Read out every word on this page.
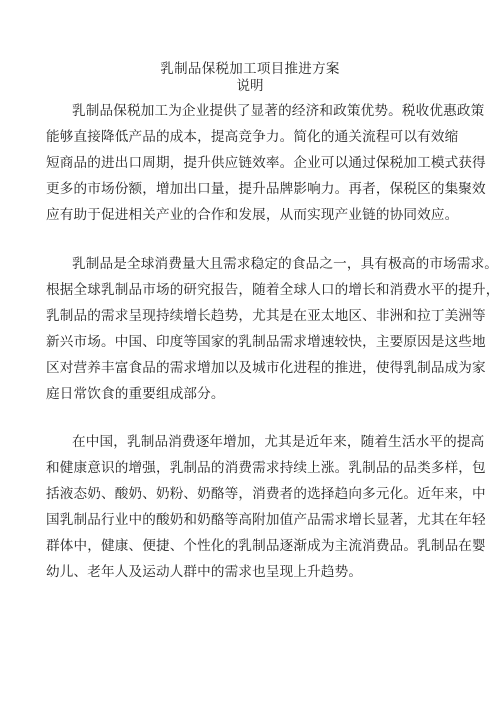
乳制品保税加工项目推进方案
说明
乳制品保税加工为企业提供了显著的经济和政策优势。税收优惠政策
能够直接降低产品的成本，提高竞争力。简化的通关流程可以有效缩
短商品的进出口周期，提升供应链效率。企业可以通过保税加工模式获得
更多的市场份额，增加出口量，提升品牌影响力。再者，保税区的集聚效
应有助于促进相关产业的合作和发展，从而实现产业链的协同效应。
乳制品是全球消费量大且需求稳定的食品之一，具有极高的市场需求。
根据全球乳制品市场的研究报告，随着全球人口的增长和消费水平的提升，
乳制品的需求呈现持续增长趋势，尤其是在亚太地区、非洲和拉丁美洲等
新兴市场。中国、印度等国家的乳制品需求增速较快，主要原因是这些地
区对营养丰富食品的需求增加以及城市化进程的推进，使得乳制品成为家
庭日常饮食的重要组成部分。
在中国，乳制品消费逐年增加，尤其是近年来，随着生活水平的提高
和健康意识的增强，乳制品的消费需求持续上涨。乳制品的品类多样，包
括液态奶、酸奶、奶粉、奶酪等，消费者的选择趋向多元化。近年来，中
国乳制品行业中的酸奶和奶酪等高附加值产品需求增长显著，尤其在年轻
群体中，健康、便捷、个性化的乳制品逐渐成为主流消费品。乳制品在婴
幼儿、老年人及运动人群中的需求也呈现上升趋势。
